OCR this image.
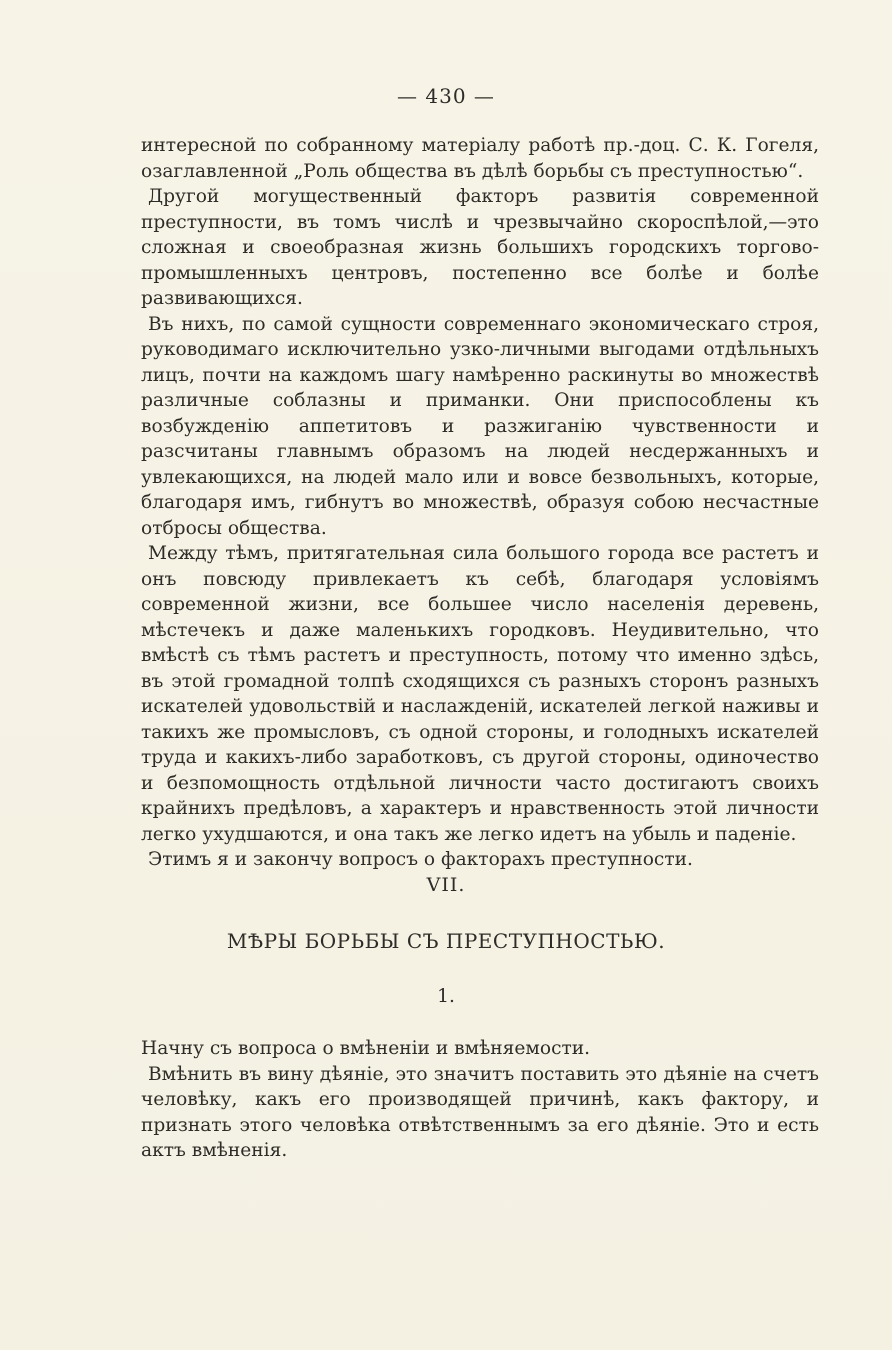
— 430 —

интересной по собранному матеріалу работѣ пр.-доц. С. К. Гогеля, озаглавленной „Роль общества въ дѣлѣ борьбы съ преступностью“.

Другой могущественный факторъ развитія современной преступности, въ томъ числѣ и чрезвычайно скороспѣлой,—это сложная и своеобразная жизнь большихъ городскихъ торгово-промышленныхъ центровъ, постепенно все болѣе и болѣе развивающихся.

Въ нихъ, по самой сущности современнаго экономическаго строя, руководимаго исключительно узко-личными выгодами отдѣльныхъ лицъ, почти на каждомъ шагу намѣренно раскинуты во множествѣ различные соблазны и приманки. Они приспособлены къ возбужденію аппетитовъ и разжиганію чувственности и разсчитаны главнымъ образомъ на людей несдержанныхъ и увлекающихся, на людей мало или и вовсе безвольныхъ, которые, благодаря имъ, гибнутъ во множествѣ, образуя собою несчастные отбросы общества.

Между тѣмъ, притягательная сила большого города все растетъ и онъ повсюду привлекаетъ къ себѣ, благодаря условіямъ современной жизни, все большее число населенія деревень, мѣстечекъ и даже маленькихъ городковъ. Неудивительно, что вмѣстѣ съ тѣмъ растетъ и преступность, потому что именно здѣсь, въ этой громадной толпѣ сходящихся съ разныхъ сторонъ разныхъ искателей удовольствій и наслажденій, искателей легкой наживы и такихъ же промысловъ, съ одной стороны, и голодныхъ искателей труда и какихъ-либо заработковъ, съ другой стороны, одиночество и безпомощность отдѣльной личности часто достигаютъ своихъ крайнихъ предѣловъ, а характеръ и нравственность этой личности легко ухудшаются, и она такъ же легко идетъ на убыль и паденіе.

Этимъ я и закончу вопросъ о факторахъ преступности.

VII.
МѢРЫ БОРЬБЫ СЪ ПРЕСТУПНОСТЬЮ.
1.

Начну съ вопроса о вмѣненіи и вмѣняемости.

Вмѣнить въ вину дѣяніе, это значитъ поставить это дѣяніе на счетъ человѣку, какъ его производящей причинѣ, какъ фактору, и признать этого человѣка отвѣтственнымъ за его дѣяніе. Это и есть актъ вмѣненія.
